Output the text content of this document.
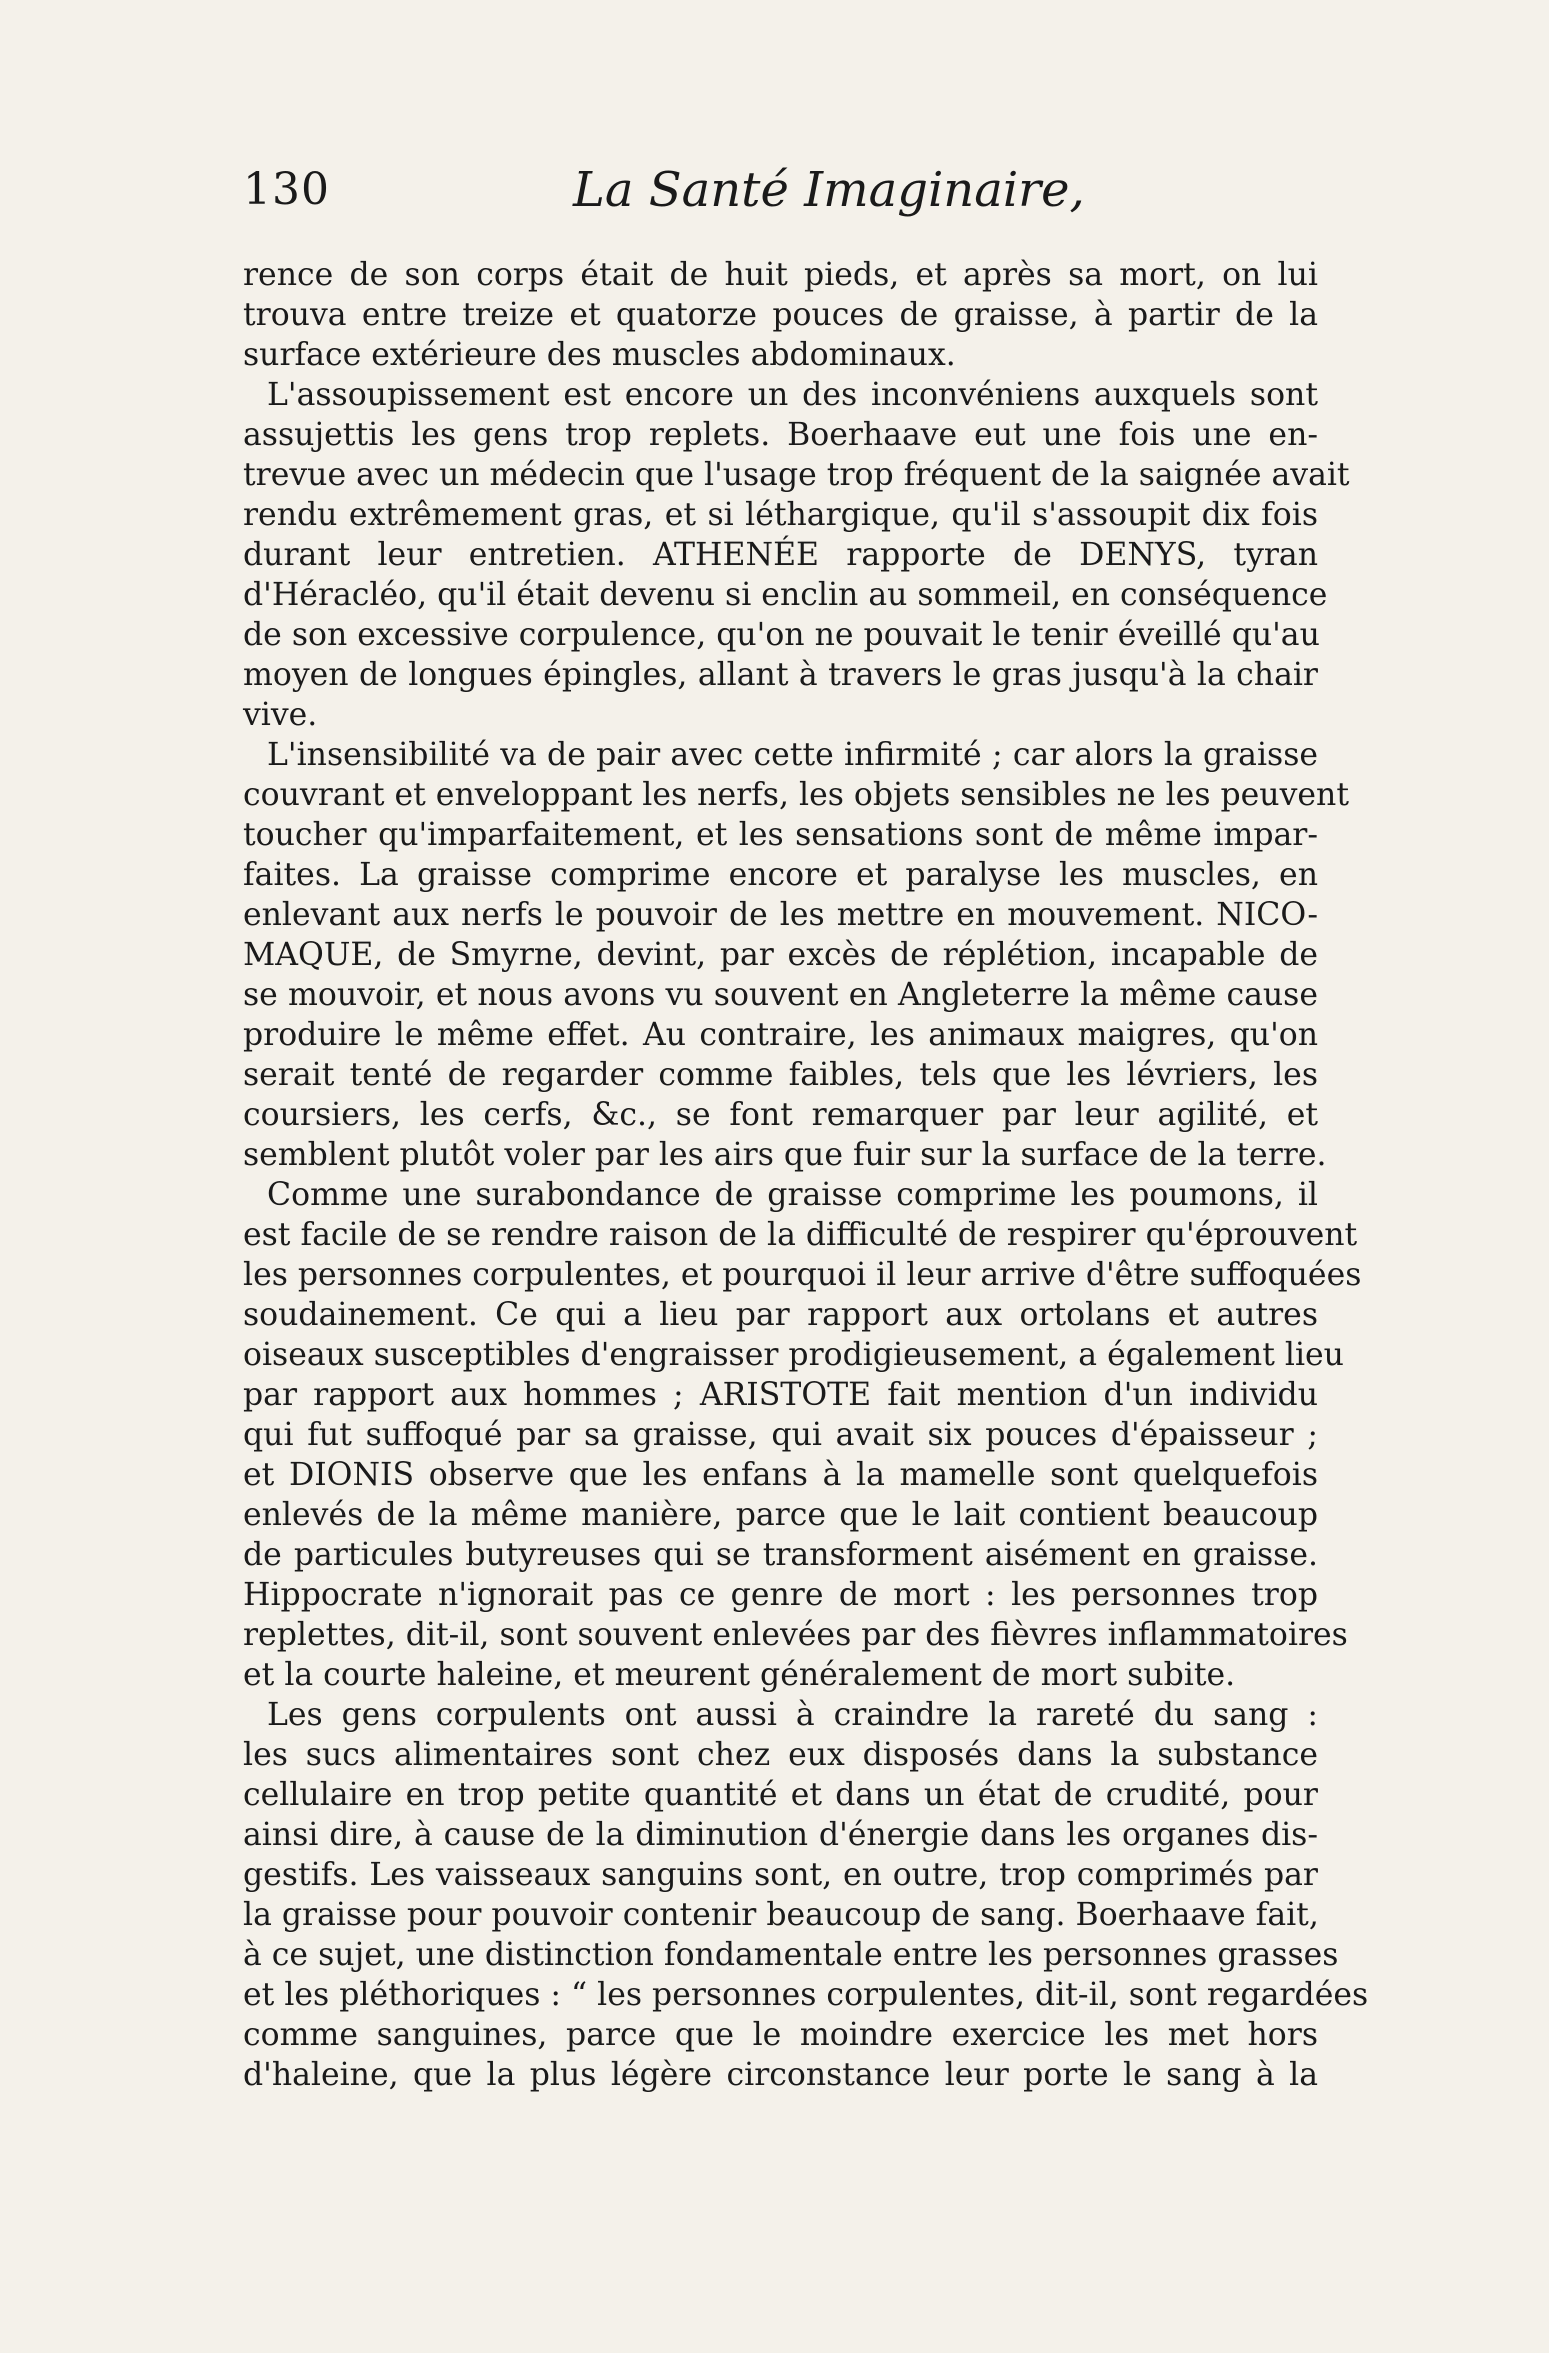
130	La Santé Imaginaire,
rence de son corps était de huit pieds, et après sa mort, on lui
trouva entre treize et quatorze pouces de graisse, à partir de la
surface extérieure des muscles abdominaux.
L'assoupissement est encore un des inconvéniens auxquels sont
assujettis les gens trop replets. Boerhaave eut une fois une en-
trevue avec un médecin que l'usage trop fréquent de la saignée avait
rendu extrêmement gras, et si léthargique, qu'il s'assoupit dix fois
durant leur entretien. ATHENÉE rapporte de DENYS, tyran
d'Héracléo, qu'il était devenu si enclin au sommeil, en conséquence
de son excessive corpulence, qu'on ne pouvait le tenir éveillé qu'au
moyen de longues épingles, allant à travers le gras jusqu'à la chair
vive.
L'insensibilité va de pair avec cette infirmité ; car alors la graisse
couvrant et enveloppant les nerfs, les objets sensibles ne les peuvent
toucher qu'imparfaitement, et les sensations sont de même impar-
faites. La graisse comprime encore et paralyse les muscles, en
enlevant aux nerfs le pouvoir de les mettre en mouvement. NICO-
MAQUE, de Smyrne, devint, par excès de réplétion, incapable de
se mouvoir, et nous avons vu souvent en Angleterre la même cause
produire le même effet. Au contraire, les animaux maigres, qu'on
serait tenté de regarder comme faibles, tels que les lévriers, les
coursiers, les cerfs, &c., se font remarquer par leur agilité, et
semblent plutôt voler par les airs que fuir sur la surface de la terre.
Comme une surabondance de graisse comprime les poumons, il
est facile de se rendre raison de la difficulté de respirer qu'éprouvent
les personnes corpulentes, et pourquoi il leur arrive d'être suffoquées
soudainement. Ce qui a lieu par rapport aux ortolans et autres
oiseaux susceptibles d'engraisser prodigieusement, a également lieu
par rapport aux hommes ; ARISTOTE fait mention d'un individu
qui fut suffoqué par sa graisse, qui avait six pouces d'épaisseur ;
et DIONIS observe que les enfans à la mamelle sont quelquefois
enlevés de la même manière, parce que le lait contient beaucoup
de particules butyreuses qui se transforment aisément en graisse.
Hippocrate n'ignorait pas ce genre de mort : les personnes trop
replettes, dit-il, sont souvent enlevées par des fièvres inflammatoires
et la courte haleine, et meurent généralement de mort subite.
Les gens corpulents ont aussi à craindre la rareté du sang :
les sucs alimentaires sont chez eux disposés dans la substance
cellulaire en trop petite quantité et dans un état de crudité, pour
ainsi dire, à cause de la diminution d'énergie dans les organes dis-
gestifs. Les vaisseaux sanguins sont, en outre, trop comprimés par
la graisse pour pouvoir contenir beaucoup de sang. Boerhaave fait,
à ce sujet, une distinction fondamentale entre les personnes grasses
et les pléthoriques : “ les personnes corpulentes, dit-il, sont regardées
comme sanguines, parce que le moindre exercice les met hors
d'haleine, que la plus légère circonstance leur porte le sang à la
